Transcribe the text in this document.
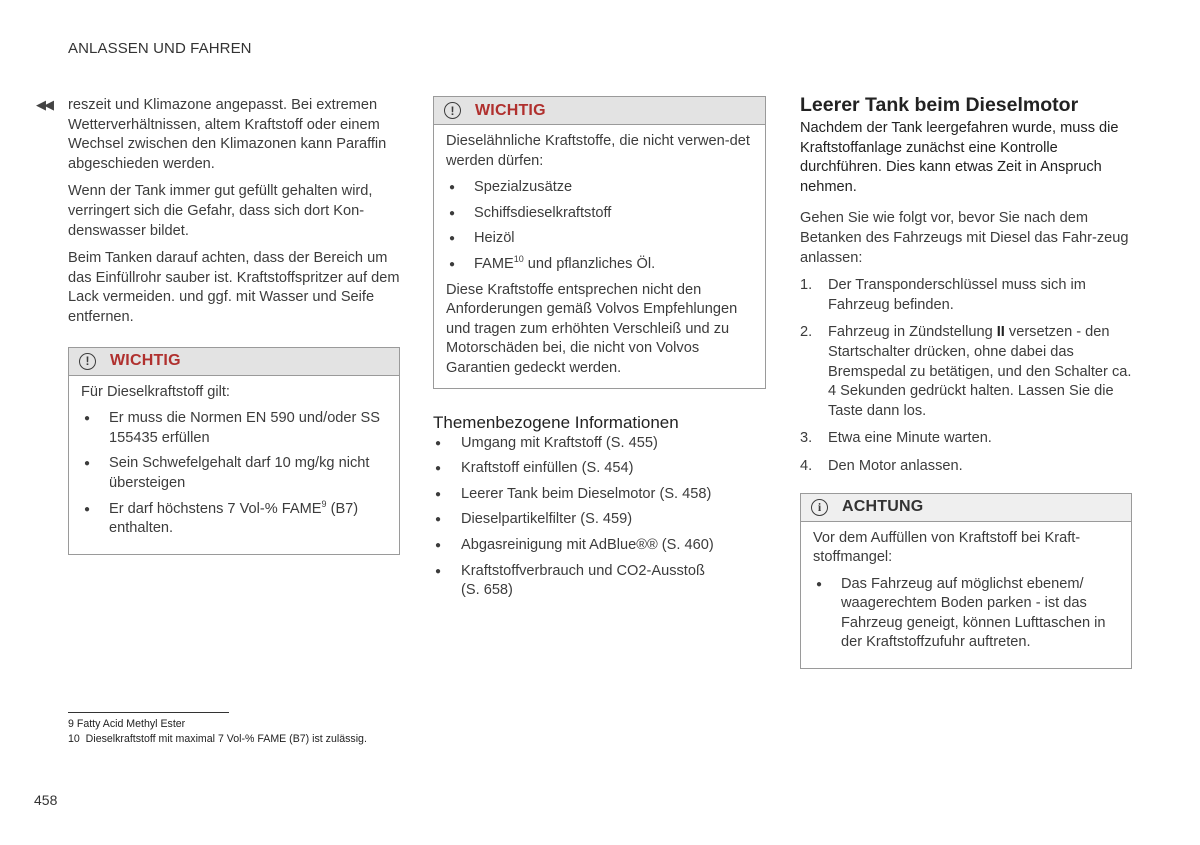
ANLASSEN UND FAHREN
◀◀ reszeit und Klimazone angepasst. Bei extremen Wetterverhältnissen, altem Kraftstoff oder einem Wechsel zwischen den Klimazonen kann Paraffin abgeschieden werden.

Wenn der Tank immer gut gefüllt gehalten wird, verringert sich die Gefahr, dass sich dort Kon-denswasser bildet.

Beim Tanken darauf achten, dass der Bereich um das Einfüllrohr sauber ist. Kraftstoffspritzer auf dem Lack vermeiden. und ggf. mit Wasser und Seife entfernen.

!	WICHTIG

Für Dieselkraftstoff gilt:

● Er muss die Normen EN 590 und/oder SS 155435 erfüllen
● Sein Schwefelgehalt darf 10 mg/kg nicht übersteigen
● Er darf höchstens 7 Vol-% FAME$^9$ (B7) enthalten.
!	WICHTIG

Dieselähnliche Kraftstoffe, die nicht verwen-det werden dürfen:

● Spezialzusätze
● Schiffsdieselkraftstoff
● Heizöl
● FAME$^{10}$ und pflanzliches Öl.

Diese Kraftstoffe entsprechen nicht den Anforderungen gemäß Volvos Empfehlungen und tragen zum erhöhten Verschleiß und zu Motorschäden bei, die nicht von Volvos Garantien gedeckt werden.

Themenbezogene Informationen
● Umgang mit Kraftstoff (S. 455)
● Kraftstoff einfüllen (S. 454)
● Leerer Tank beim Dieselmotor (S. 458)
● Dieselpartikelfilter (S. 459)
● Abgasreinigung mit AdBlue®® (S. 460)
● Kraftstoffverbrauch und CO2-Ausstoß (S. 658)
Leerer Tank beim Dieselmotor

Nachdem der Tank leergefahren wurde, muss die Kraftstoffanlage zunächst eine Kontrolle durchführen. Dies kann etwas Zeit in Anspruch nehmen.

Gehen Sie wie folgt vor, bevor Sie nach dem Betanken des Fahrzeugs mit Diesel das Fahr-zeug anlassen:

1. Der Transponderschlüssel muss sich im Fahrzeug befinden.
2. Fahrzeug in Zündstellung II versetzen - den Startschalter drücken, ohne dabei das Bremspedal zu betätigen, und den Schalter ca. 4 Sekunden gedrückt halten. Lassen Sie die Taste dann los.
3. Etwa eine Minute warten.
4. Den Motor anlassen.
i	ACHTUNG

Vor dem Auffüllen von Kraftstoff bei Kraft-stoffmangel:

● Das Fahrzeug auf möglichst ebenem/ waagerechtem Boden parken - ist das Fahrzeug geneigt, können Lufttaschen in der Kraftstoffzufuhr auftreten.
9 Fatty Acid Methyl Ester
10  Dieselkraftstoff mit maximal 7 Vol-% FAME (B7) ist zulässig.
458
